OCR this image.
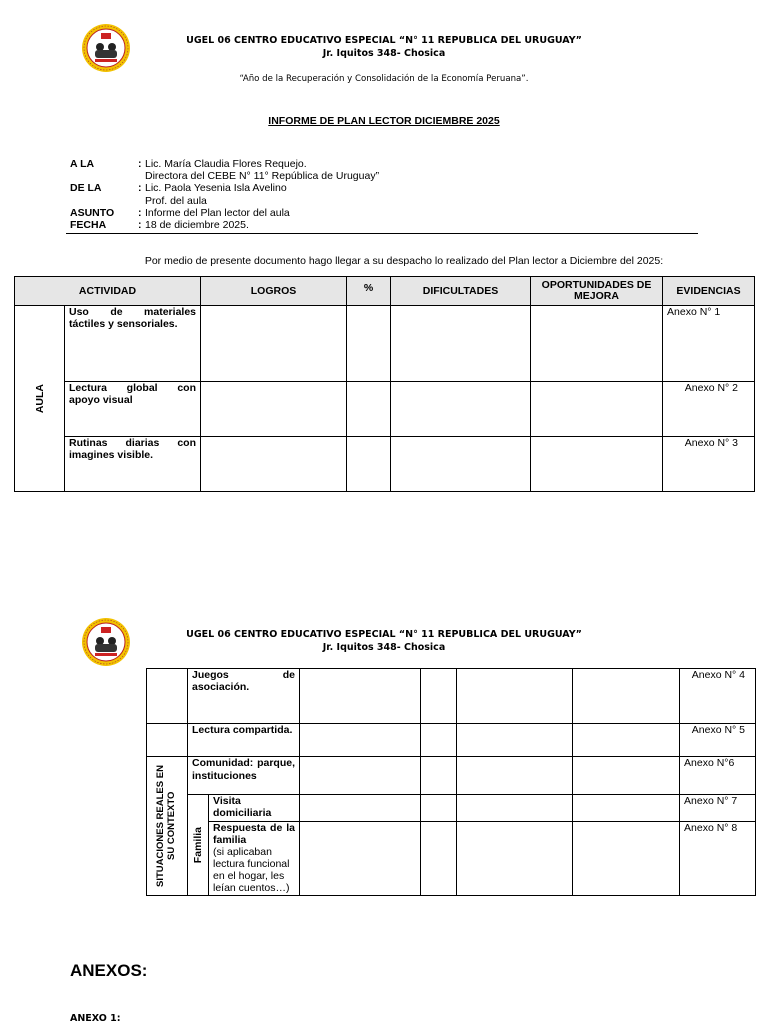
UGEL 06 CENTRO EDUCATIVO ESPECIAL “N° 11 REPUBLICA DEL URUGUAY”
Jr. Iquitos 348- Chosica
“Año de la Recuperación y Consolidación de la Economía Peruana”.
INFORME DE PLAN LECTOR DICIEMBRE 2025
A LA	: Lic. María Claudia Flores Requejo.
Directora del CEBE N° 11° República de Uruguay”
DE LA	: Lic. Paola Yesenia Isla Avelino
Prof. del aula
ASUNTO	: Informe del Plan lector del aula
FECHA	: 18 de diciembre 2025.
Por medio de presente documento hago llegar a su despacho lo realizado del Plan lector a Diciembre del 2025:
ACTIVIDAD		LOGROS	%	DIFICULTADES	OPORTUNIDADES DE MEJORA	EVIDENCIAS

AULA	Uso de materiales táctiles y sensoriales.					Anexo N° 1
	Lectura global con apoyo visual					Anexo N° 2
	Rutinas diarias con imagines visible.					Anexo N° 3
UGEL 06 CENTRO EDUCATIVO ESPECIAL “N° 11 REPUBLICA DEL URUGUAY”
Jr. Iquitos 348- Chosica
	Juegos de asociación.						Anexo N° 4
	Lectura compartida.						Anexo N° 5

SITUACIONES REALES EN SU CONTEXTO	Comunidad: parque, instituciones						Anexo N°6

	Familia	Visita domiciliaria					Anexo N° 7

		Respuesta de la familia
(si aplicaban lectura funcional en el hogar, les leían cuentos…)					Anexo N° 8
ANEXOS:
ANEXO 1:
